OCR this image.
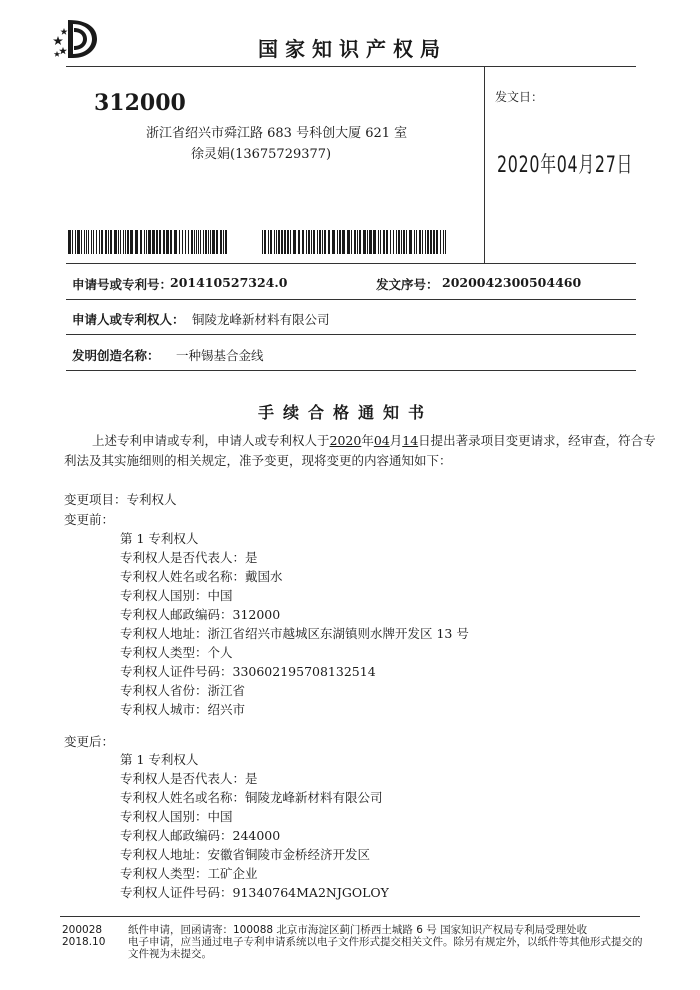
国家知识产权局
312000
浙江省绍兴市舜江路 683 号科创大厦 621 室
徐灵娟(13675729377)
发文日：
2020年04月27日
申请号或专利号：
201410527324.0	发文序号： 2020042300504460
申请人或专利权人： 铜陵龙峰新材料有限公司
发明创造名称： 一种锡基合金线
手续合格通知书
上述专利申请或专利，申请人或专利权人于2020年04月14日提出著录项目变更请求，经审查，符合专
利法及其实施细则的相关规定，准予变更，现将变更的内容通知如下：
变更项目：专利权人
变更前：
第 1 专利权人
专利权人是否代表人：是
专利权人姓名或名称：戴国水
专利权人国别：中国
专利权人邮政编码：312000
专利权人地址：浙江省绍兴市越城区东湖镇则水牌开发区 13 号
专利权人类型：个人
专利权人证件号码：330602195708132514
专利权人省份：浙江省
专利权人城市：绍兴市
变更后：
第 1 专利权人
专利权人是否代表人：是
专利权人姓名或名称：铜陵龙峰新材料有限公司
专利权人国别：中国
专利权人邮政编码：244000
专利权人地址：安徽省铜陵市金桥经济开发区
专利权人类型：工矿企业
专利权人证件号码：91340764MA2NJGOLOY
200028
2018.10
纸件申请，回函请寄：100088 北京市海淀区蓟门桥西土城路 6 号 国家知识产权局专利局受理处收
电子申请，应当通过电子专利申请系统以电子文件形式提交相关文件。除另有规定外，以纸件等其他形式提交的
文件视为未提交。
